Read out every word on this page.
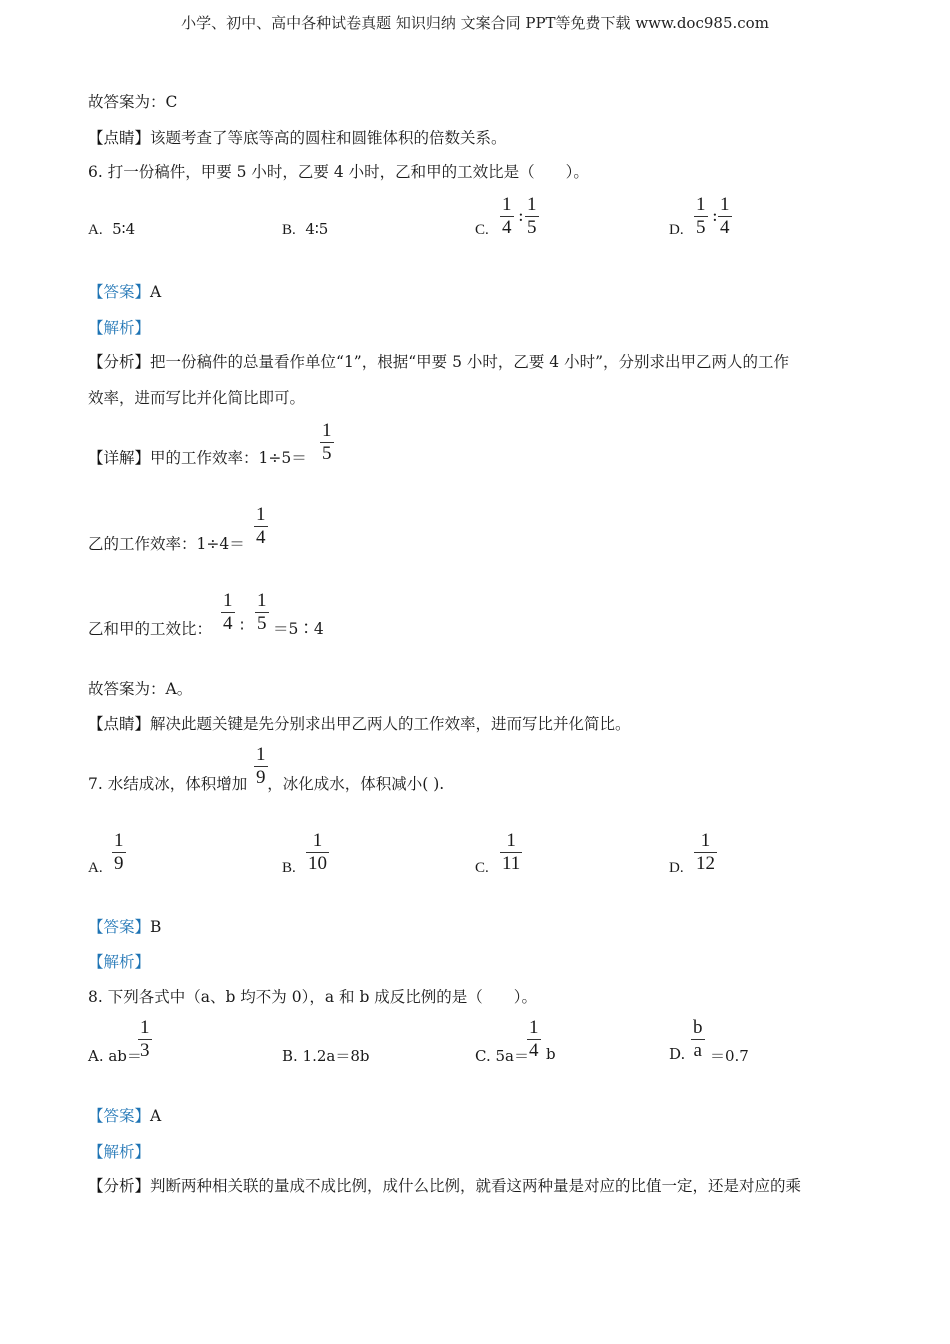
小学、初中、高中各种试卷真题 知识归纳 文案合同 PPT等免费下载 www.doc985.com
故答案为：C
【点睛】该题考查了等底等高的圆柱和圆锥体积的倍数关系。
6. 打一份稿件，甲要 5 小时，乙要 4 小时，乙和甲的工效比是（　　）。
A. 5∶4	B. 4∶5	C. $\frac{1}{4}$ : $\frac{1}{5}$	D. $\frac{1}{5}$ : $\frac{1}{4}$
【答案】A
【解析】
【分析】把一份稿件的总量看作单位“1”，根据“甲要 5 小时，乙要 4 小时”，分别求出甲乙两人的工作
效率，进而写比并化简比即可。
【详解】甲的工作效率：$1\div 5= \frac{1}{5}$
乙的工作效率：$1\div 4= \frac{1}{4}$
乙和甲的工效比： $\frac{1}{4}$ ∶ $\frac{1}{5}$ ＝5∶4
故答案为：A。
【点睛】解决此题关键是先分别求出甲乙两人的工作效率，进而写比并化简比。
7. 水结成冰，体积增加 ，冰化成水，体积减小( ).
$\frac{1}{9}$
A. $\frac{1}{9}$	B. $\frac{1}{10}$	C. $\frac{1}{11}$	D. $\frac{1}{12}$
【答案】B
【解析】
8. 下列各式中（a、b 均不为 0），a 和 b 成反比例的是（　　）。
A. ab＝
$\frac{1}{3}$	B. 1.2a＝8b	C. 5a＝
$\frac{1}{4}$ b	D. $\frac{b}{a} =0.7$
【答案】A
【解析】
【分析】判断两种相关联的量成不成比例，成什么比例，就看这两种量是对应的比值一定，还是对应的乘
